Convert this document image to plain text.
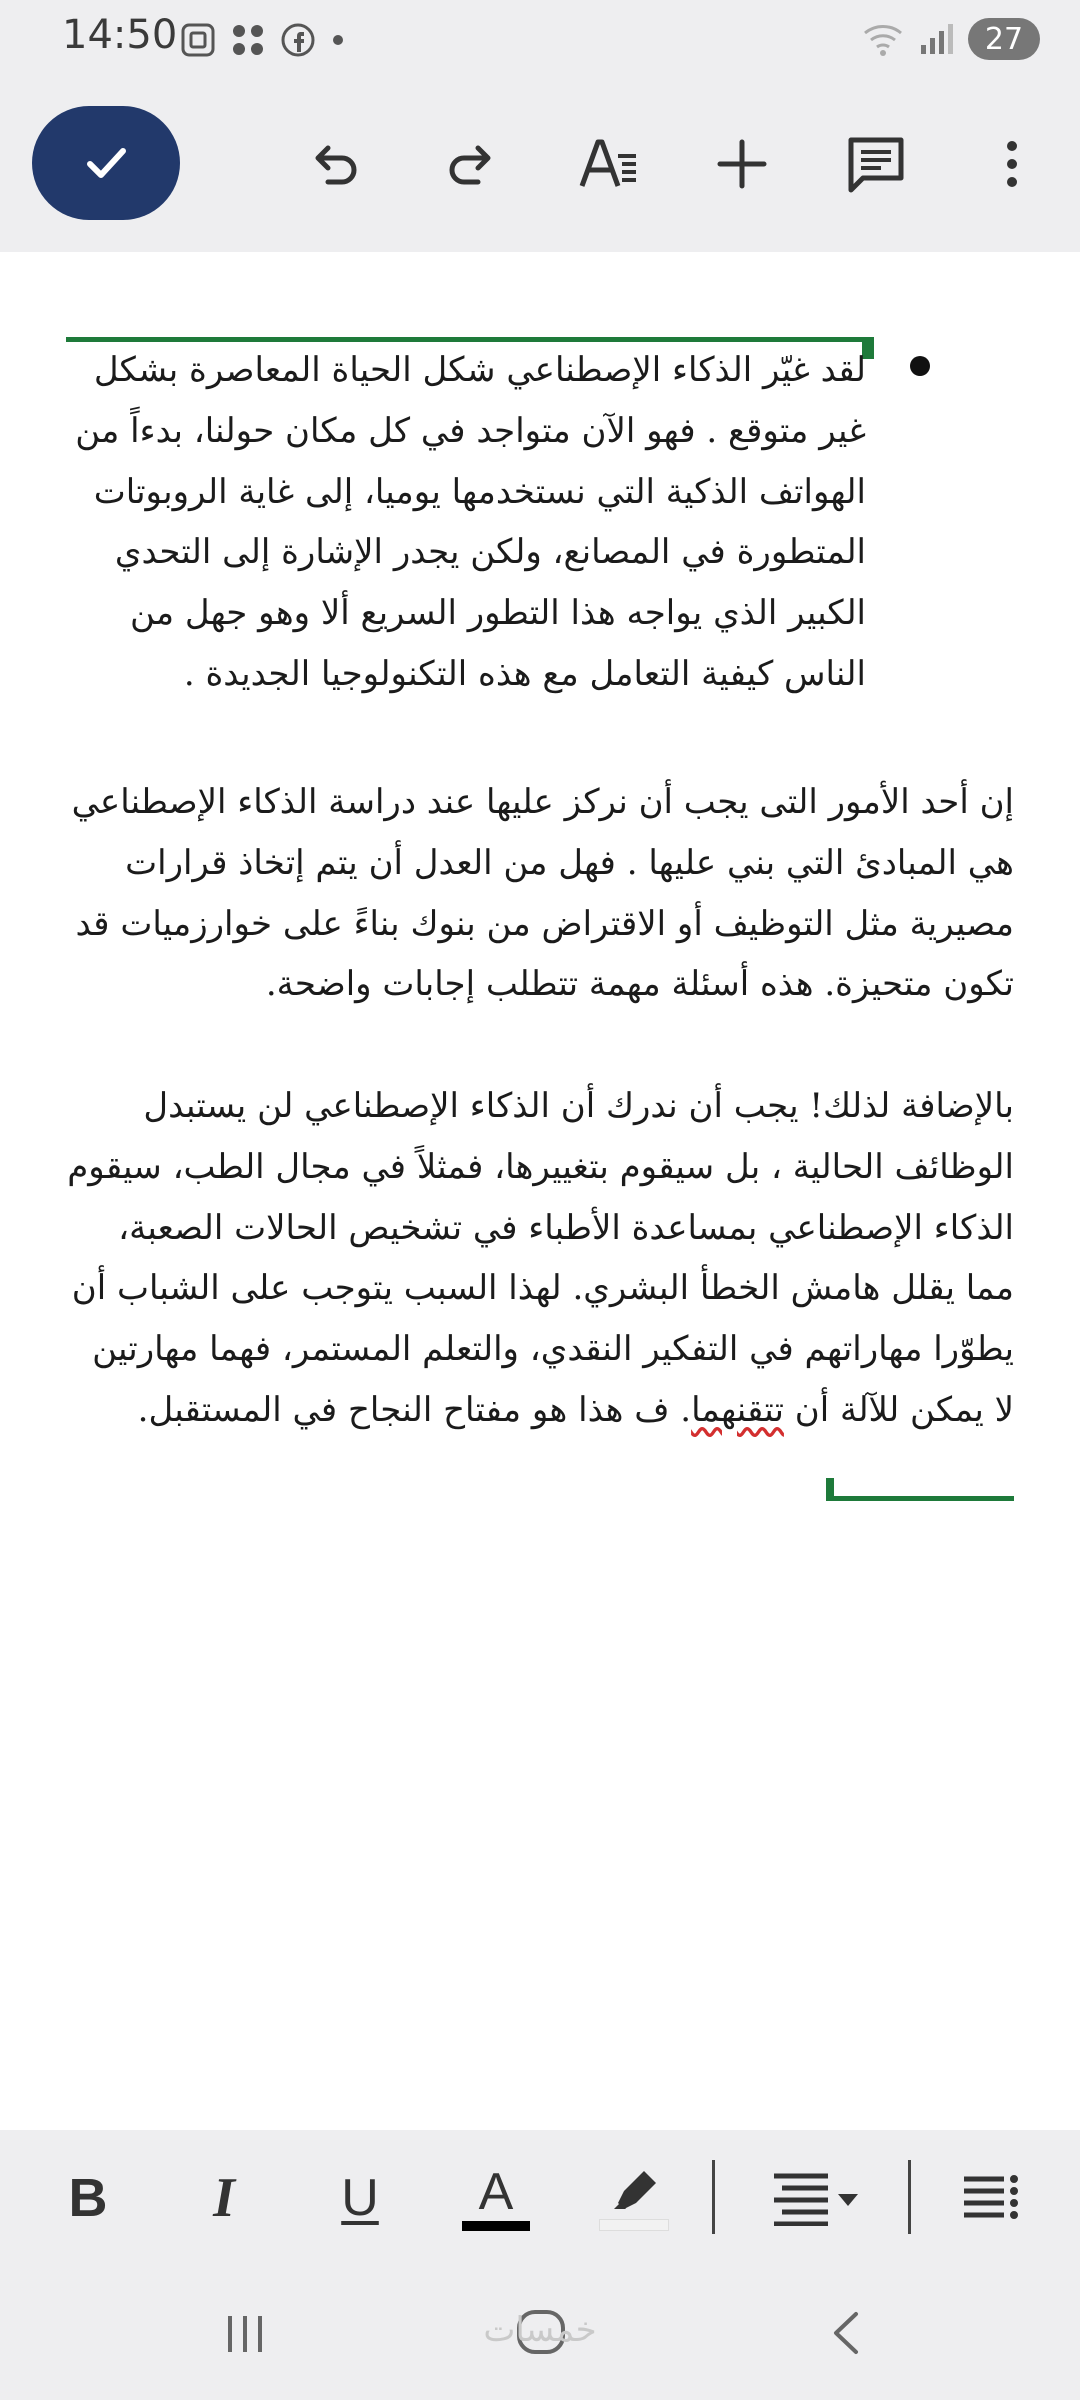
14:50	27
لقد غيّر الذكاء الإصطناعي شكل الحياة المعاصرة بشكل غير متوقع . فهو الآن متواجد في كل مكان حولنا، بدءاً من الهواتف الذكية التي نستخدمها يوميا، إلى غاية الروبوتات المتطورة في المصانع، ولكن يجدر الإشارة إلى التحدي الكبير الذي يواجه هذا التطور السريع ألا وهو جهل من الناس كيفية التعامل مع هذه التكنولوجيا الجديدة .
إن أحد الأمور التى يجب أن نركز عليها عند دراسة الذكاء الإصطناعي هي المبادئ التي بني عليها . فهل من العدل أن يتم إتخاذ قرارات مصيرية مثل التوظيف أو الاقتراض من بنوك بناءً على خوارزميات قد تكون متحيزة. هذه أسئلة مهمة تتطلب إجابات واضحة.
بالإضافة لذلك! يجب أن ندرك أن الذكاء الإصطناعي لن يستبدل الوظائف الحالية ، بل سيقوم بتغييرها، فمثلاً في مجال الطب، سيقوم الذكاء الإصطناعي بمساعدة الأطباء في تشخيص الحالات الصعبة، مما يقلل هامش الخطأ البشري. لهذا السبب يتوجب على الشباب أن يطوّرا مهاراتهم في التفكير النقدي، والتعلم المستمر، فهما مهارتين لا يمكن للآلة أن تتقنهما. ف هذا هو مفتاح النجاح في المستقبل.
B I U A
خمسات
